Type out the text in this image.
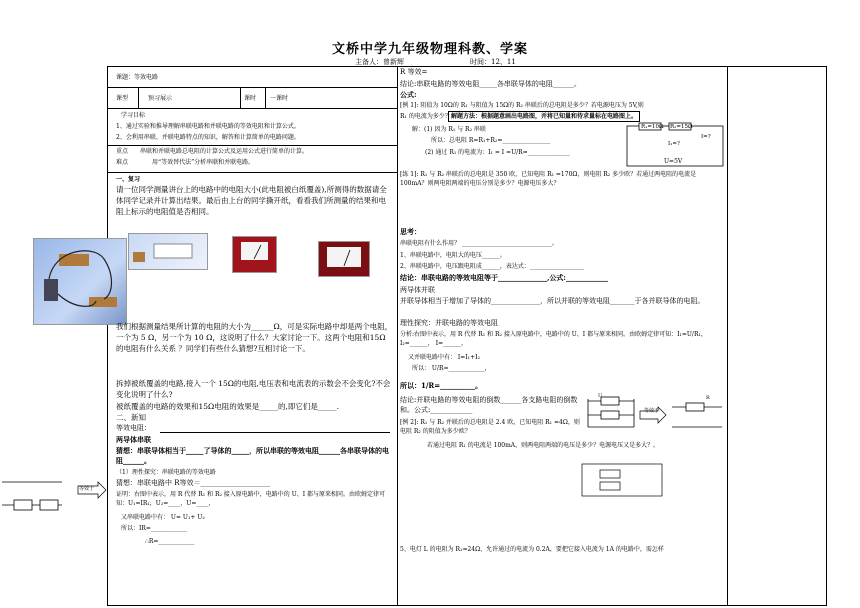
文桥中学九年级物理科教、学案
主备人：曾新辉	时间：12、11
课题：等效电路
课型	预习展示	课时 一课时
学习目标
1、通过实验和推导理解串联电路和并联电路的等效电阻和计算公式。
2、会利用串联、并联电路特点的知识，解答和计算简单的电路问题。
重点 串联和并联电路总电阻的计算公式及运用公式进行简单的计算。
难点	用“等效替代法”分析串联和并联电路。
一、复习
请一位同学测量讲台上的电路中的电阻大小(此电阻被白纸覆盖),所测得的数据请全体同学记录并计算出结果。最后由上台的同学撕开纸，看看我们所测量的结果和电阻上标示的电阻值是否相同。
我们根据测量结果所计算的电阻的大小为______Ω，可是实际电路中却是两个电阻，一个为 5 Ω，另一个为 10 Ω，这说明了什么？大家讨论一下。这两个电阻和15Ω的电阻有什么关系 ？同学们有些什么猜想?互相讨论一下。
拆掉被纸覆盖的电路,接入一个 15Ω的电阻,电压表和电流表的示数会不会变化?不会变化说明了什么?
被纸覆盖的电路的效果和15Ω电阻的效果是_____的,即它们是_____.
二、新知
等效电阻：
两导体串联
猜想：串联导体相当于_____了导体的_____，所以串联的等效电阻______各串联导体的电阻______。
（1）理性探究：串联电路的等效电路
猜想：串联电路中 R等效＝____________________
证明：右图中表示，用 R 代替 R₁ 和 R₂ 接入原电路中，电路中的 U、I 都与原来相同。由欧姆定律可知：U₁=IR₁，U₂=____，U=____，
又串联电路中有： U= U₁+ U₂
所以：IR=____________
∴R=____________
等效于
R 等效=
结论:串联电路的等效电阻_____各串联导体的电阻______。
公式:
[例 1]: 阻值为 10Ω的 R₁ 与阻值为 15Ω的 R₂ 串联后的总电阻是多少？若电源电压为 5V,则
R₁ 的电流为多少？ 解题方法：根据题意画出电路图，并将已知量和待求量标在电路图上。
解：(1) 因为 R₁ 与 R₂ 串联
所以：总电阻 R=R₁+R₂=________________
(2) 通过 R₁ 的电流为：I₁ = I =U/R=______________
R₁=10Ω R₂=15Ω
I₁=?
I=?
U=5V
[练 1]: R₁ 与 R₂ 串联后的总电阻是 350 欧，已知电阻 R₁ =170Ω，则电阻 R₂ 多少欧？若通过两电阻的电流是 100mA？则两电阻两端的电压分别是多少？电源电压多大？
思考：
串联电阻有什么作用？ ______________________________。
1、串联电路中，电阻大的电压______。
2、串联电路中，电压跟电阻成______，表达式：__________________
结论：串联电路的等效电阻等于______________,公式:____________
两导体并联
并联导体相当于增加了导体的______________，所以并联的等效电阻_______于各并联导体的电阻。
理性探究：并联电路的等效电阻
分析:右图中表示，用 R 代替 R₁ 和 R₂ 接入原电路中，电路中的 U、I 都与原来相同。由欧姆定律可知：I₁=U/R₁， I₂=______， I=______，
又并联电路中有： I=I₁+I₂
所以： U/R=____________，
所以：1/R=__________。
结论:并联电路的等效电阻的倒数______各支路电阻的倒数和。公式:____________
U
等效于
R
[例 2]: R₁ 与 R₂ 并联后的总电阻是 2.4 欧，已知电阻 R₁ =4Ω，则电阻 R₂ 的阻值为多少欧？
若通过电阻 R₁ 的电流是 100mA，则两电阻两端的电压是多少？电源电压又是多大？。
5、电灯 L 的电阻为 R₁=24Ω，允许通过的电流为 0.2A，要把它接入电流为 1A 的电路中，需怎样
